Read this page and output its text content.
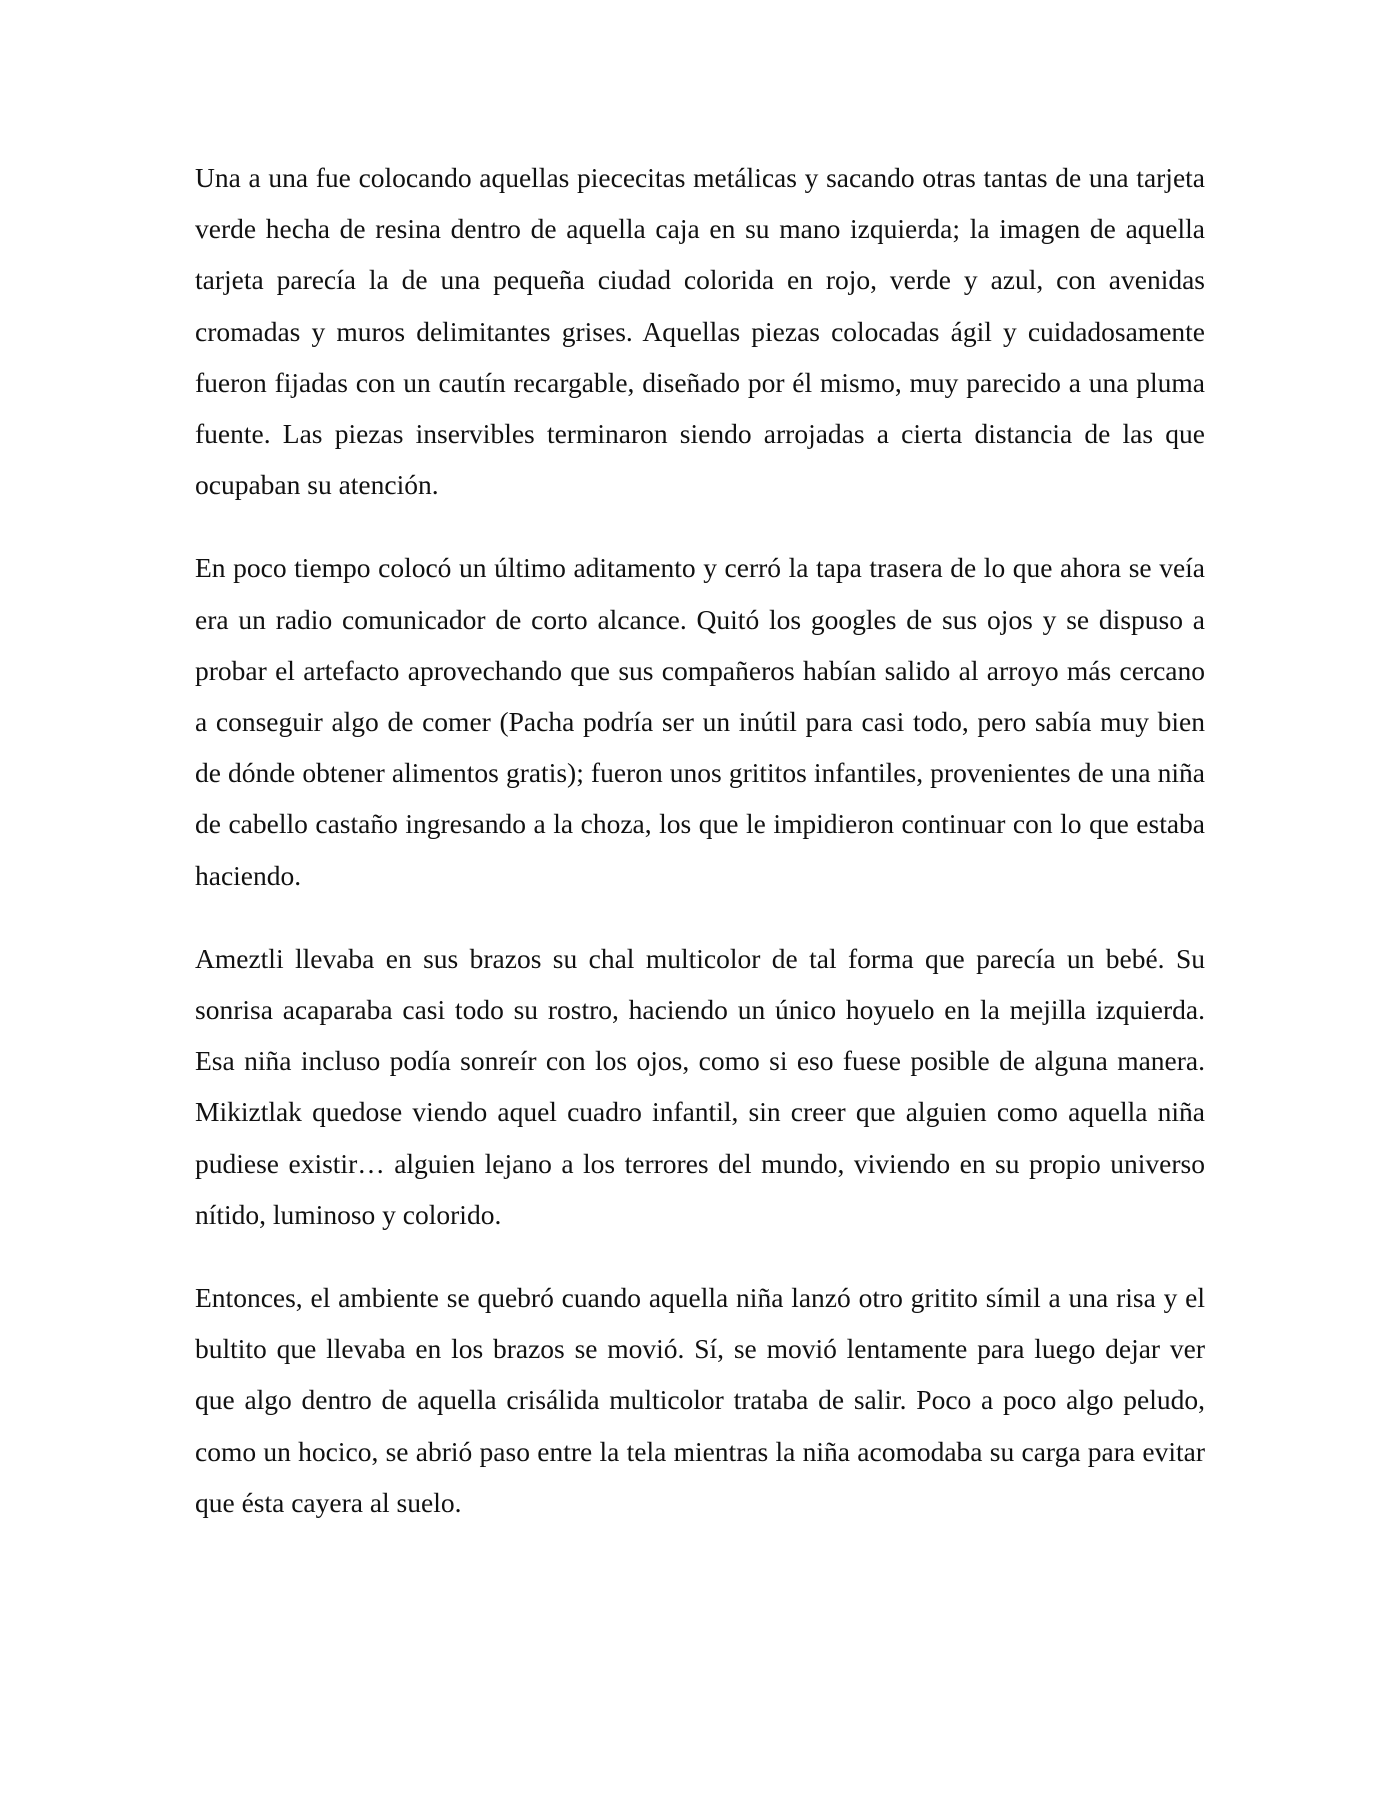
Una a una fue colocando aquellas piececitas metálicas y sacando otras tantas de una tarjeta verde hecha de resina dentro de aquella caja en su mano izquierda; la imagen de aquella tarjeta parecía la de una pequeña ciudad colorida en rojo, verde y azul, con avenidas cromadas y muros delimitantes grises. Aquellas piezas colocadas ágil y cuidadosamente fueron fijadas con un cautín recargable, diseñado por él mismo, muy parecido a una pluma fuente. Las piezas inservibles terminaron siendo arrojadas a cierta distancia de las que ocupaban su atención.

En poco tiempo colocó un último aditamento y cerró la tapa trasera de lo que ahora se veía era un radio comunicador de corto alcance. Quitó los googles de sus ojos y se dispuso a probar el artefacto aprovechando que sus compañeros habían salido al arroyo más cercano a conseguir algo de comer (Pacha podría ser un inútil para casi todo, pero sabía muy bien de dónde obtener alimentos gratis); fueron unos grititos infantiles, provenientes de una niña de cabello castaño ingresando a la choza, los que le impidieron continuar con lo que estaba haciendo.

Ameztli llevaba en sus brazos su chal multicolor de tal forma que parecía un bebé. Su sonrisa acaparaba casi todo su rostro, haciendo un único hoyuelo en la mejilla izquierda. Esa niña incluso podía sonreír con los ojos, como si eso fuese posible de alguna manera. Mikiztlak quedose viendo aquel cuadro infantil, sin creer que alguien como aquella niña pudiese existir… alguien lejano a los terrores del mundo, viviendo en su propio universo nítido, luminoso y colorido.

Entonces, el ambiente se quebró cuando aquella niña lanzó otro gritito símil a una risa y el bultito que llevaba en los brazos se movió. Sí, se movió lentamente para luego dejar ver que algo dentro de aquella crisálida multicolor trataba de salir. Poco a poco algo peludo, como un hocico, se abrió paso entre la tela mientras la niña acomodaba su carga para evitar que ésta cayera al suelo.
